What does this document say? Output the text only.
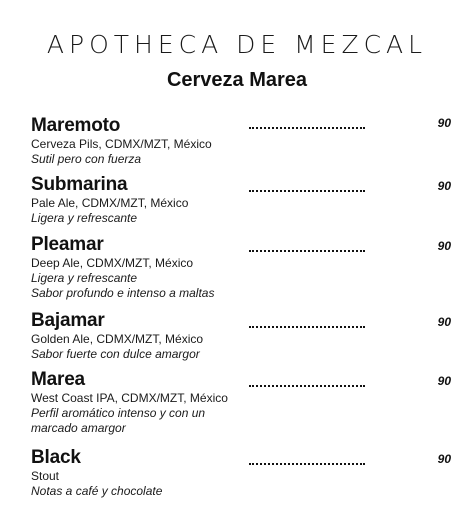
APOTHECA DE MEZCAL
Cerveza Marea
Maremoto
Cerveza Pils, CDMX/MZT, México
Sutil pero con fuerza
90
Submarina
Pale Ale, CDMX/MZT, México
Ligera y refrescante
90
Pleamar
Deep Ale, CDMX/MZT, México
Ligera y refrescante
Sabor profundo e intenso a maltas
90
Bajamar
Golden Ale, CDMX/MZT, México
Sabor fuerte con dulce amargor
90
Marea
West Coast IPA, CDMX/MZT, México
Perfil aromático intenso y con un
marcado amargor
90
Black
Stout
Notas a café y chocolate
90
